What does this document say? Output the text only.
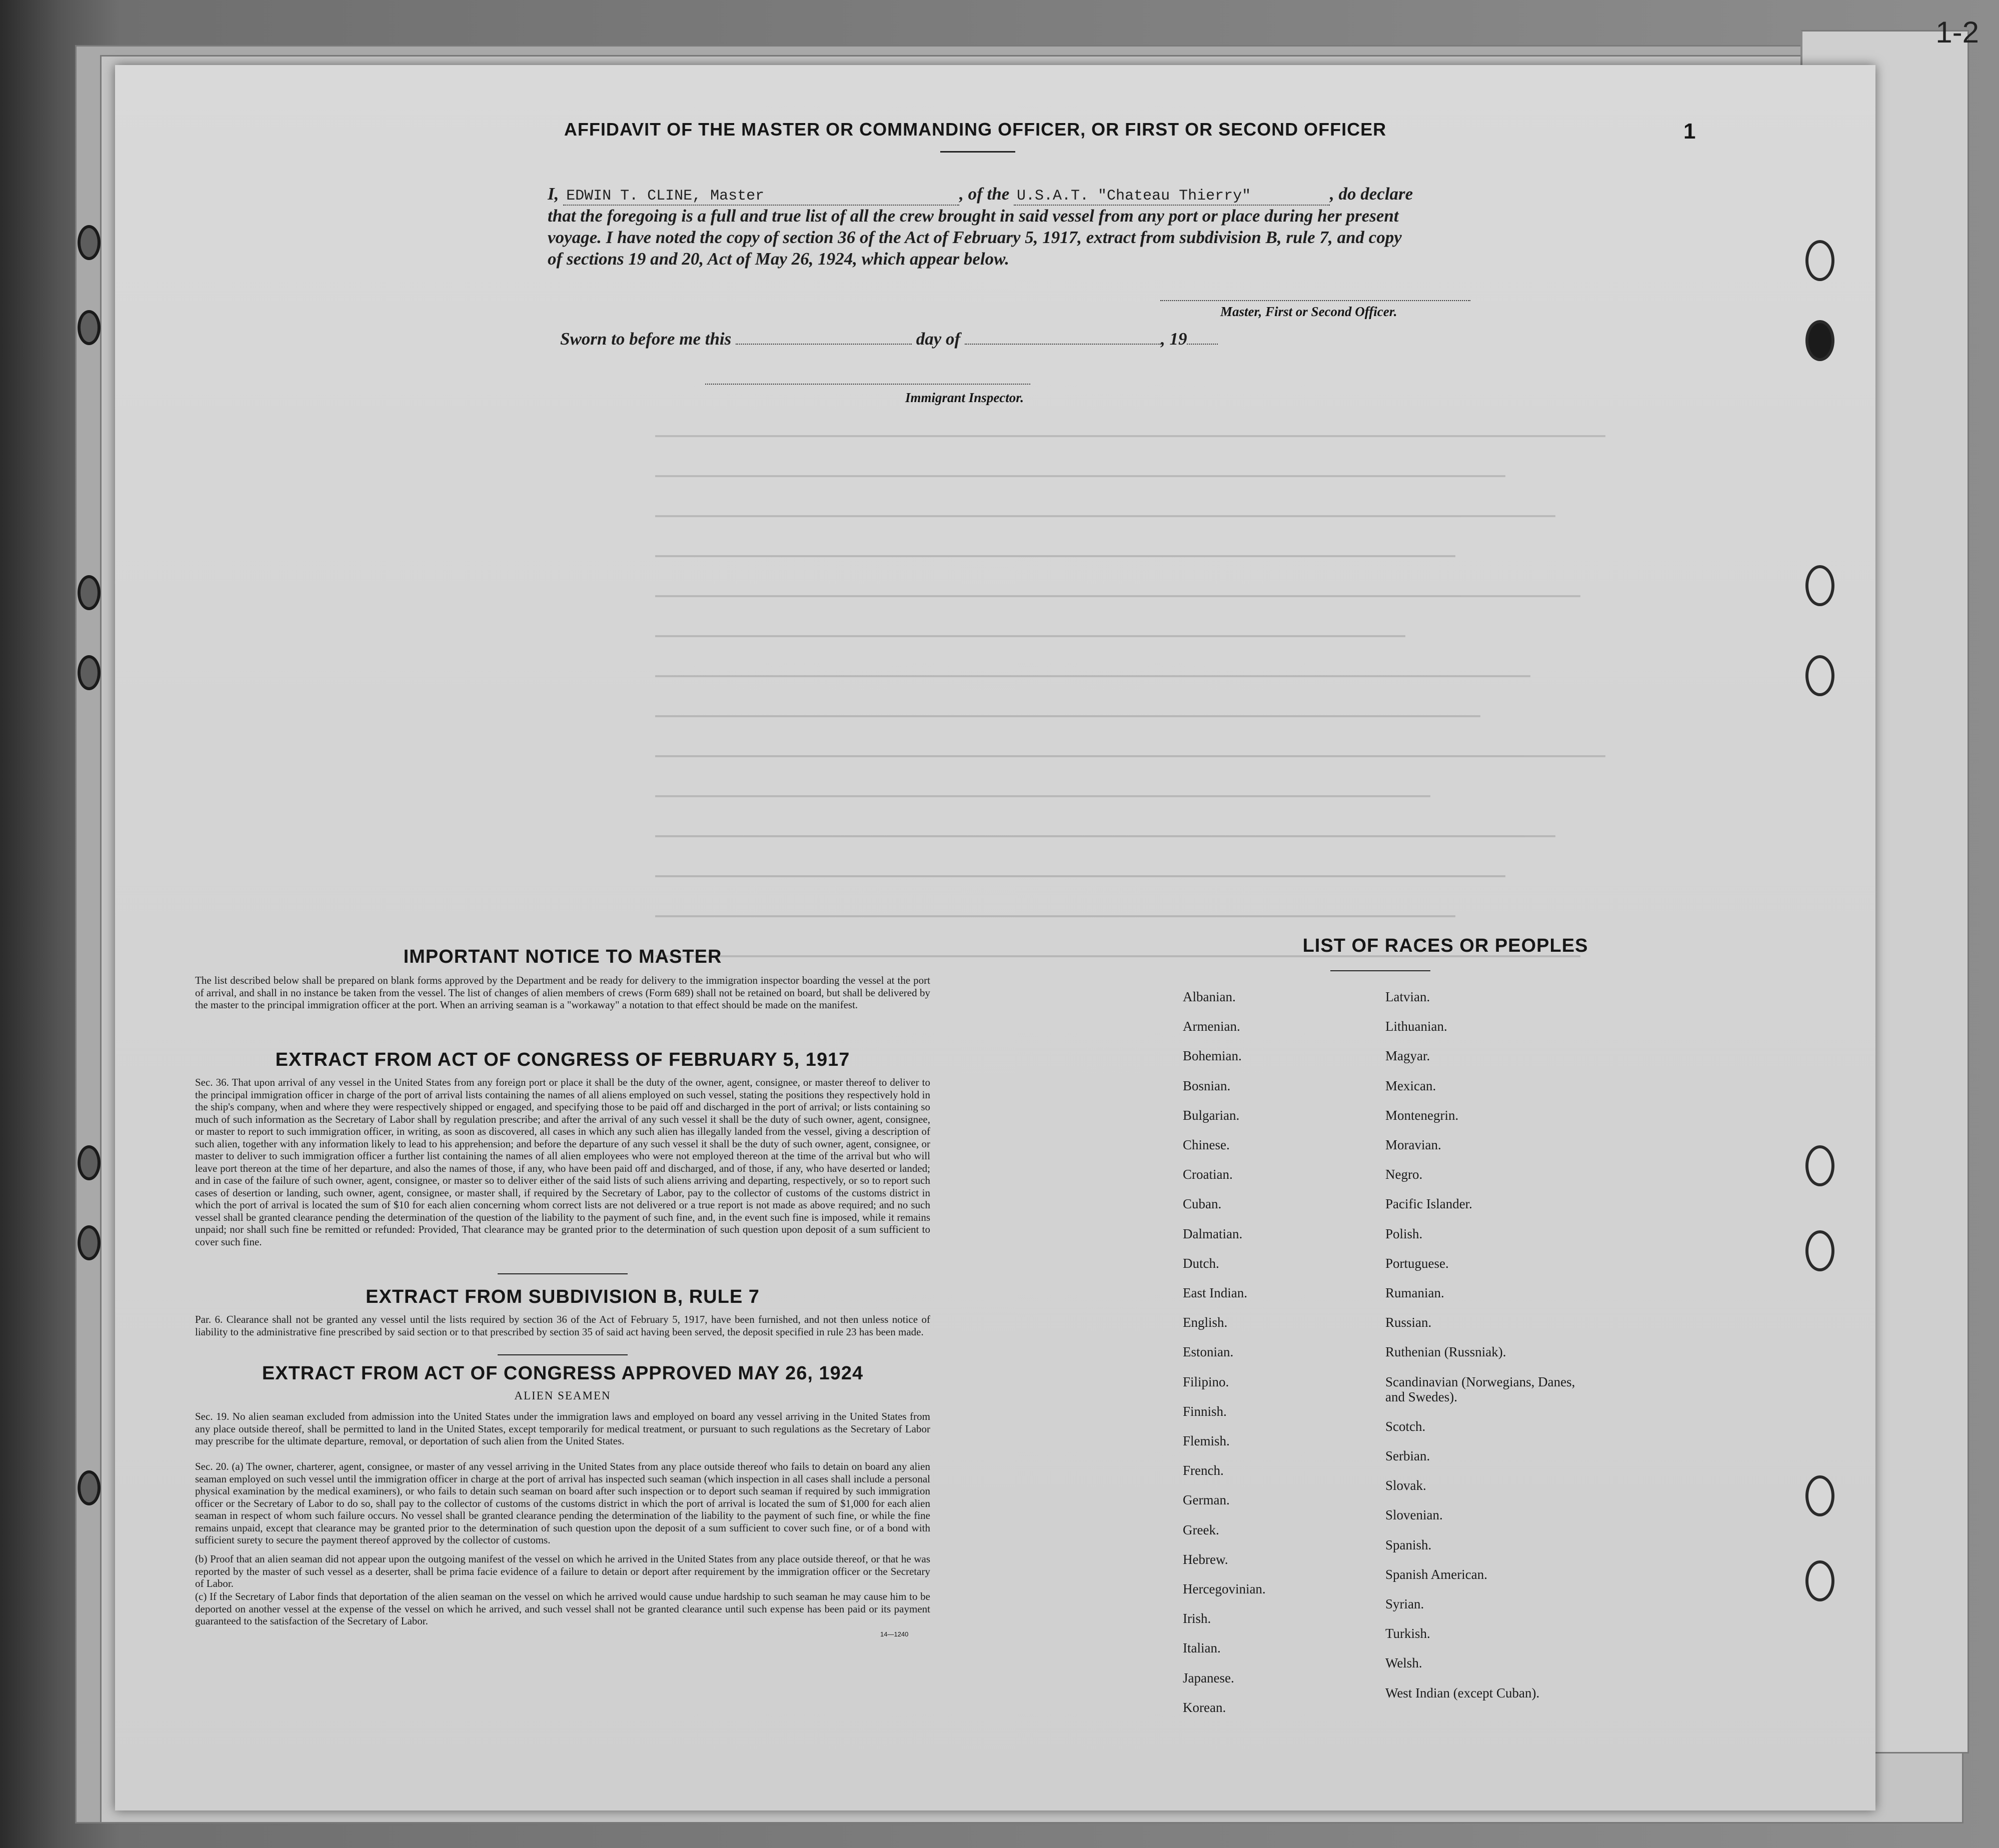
1-2
1
AFFIDAVIT OF THE MASTER OR COMMANDING OFFICER, OR FIRST OR SECOND OFFICER
I, EDWIN T. CLINE, Master	, of the U.S.A.T. "Chateau Thierry"	, do declare
that the foregoing is a full and true list of all the crew brought in said vessel from any port or place during her present
voyage. I have noted the copy of section 36 of the Act of February 5, 1917, extract from subdivision B, rule 7, and copy
of sections 19 and 20, Act of May 26, 1924, which appear below.
Master, First or Second Officer.
Sworn to before me this	day of	, 19
Immigrant Inspector.
IMPORTANT NOTICE TO MASTER
The list described below shall be prepared on blank forms approved by the Department and be ready for delivery to the immigration inspector boarding the vessel at the port of arrival, and shall in no instance be taken from the vessel. The list of changes of alien members of crews (Form 689) shall not be retained on board, but shall be delivered by the master to the principal immigration officer at the port. When an arriving seaman is a "workaway" a notation to that effect should be made on the manifest.
EXTRACT FROM ACT OF CONGRESS OF FEBRUARY 5, 1917
Sec. 36. That upon arrival of any vessel in the United States from any foreign port or place it shall be the duty of the owner, agent, consignee, or master thereof to deliver to the principal immigration officer in charge of the port of arrival lists containing the names of all aliens employed on such vessel, stating the positions they respectively hold in the ship's company, when and where they were respectively shipped or engaged, and specifying those to be paid off and discharged in the port of arrival; or lists containing so much of such information as the Secretary of Labor shall by regulation prescribe; and after the arrival of any such vessel it shall be the duty of such owner, agent, consignee, or master to report to such immigration officer, in writing, as soon as discovered, all cases in which any such alien has illegally landed from the vessel, giving a description of such alien, together with any information likely to lead to his apprehension; and before the departure of any such vessel it shall be the duty of such owner, agent, consignee, or master to deliver to such immigration officer a further list containing the names of all alien employees who were not employed thereon at the time of the arrival but who will leave port thereon at the time of her departure, and also the names of those, if any, who have been paid off and discharged, and of those, if any, who have deserted or landed; and in case of the failure of such owner, agent, consignee, or master so to deliver either of the said lists of such aliens arriving and departing, respectively, or so to report such cases of desertion or landing, such owner, agent, consignee, or master shall, if required by the Secretary of Labor, pay to the collector of customs of the customs district in which the port of arrival is located the sum of $10 for each alien concerning whom correct lists are not delivered or a true report is not made as above required; and no such vessel shall be granted clearance pending the determination of the question of the liability to the payment of such fine, and, in the event such fine is imposed, while it remains unpaid; nor shall such fine be remitted or refunded: Provided, That clearance may be granted prior to the determination of such question upon deposit of a sum sufficient to cover such fine.
EXTRACT FROM SUBDIVISION B, RULE 7
Par. 6. Clearance shall not be granted any vessel until the lists required by section 36 of the Act of February 5, 1917, have been furnished, and not then unless notice of liability to the administrative fine prescribed by said section or to that prescribed by section 35 of said act having been served, the deposit specified in rule 23 has been made.
EXTRACT FROM ACT OF CONGRESS APPROVED MAY 26, 1924
ALIEN SEAMEN
Sec. 19. No alien seaman excluded from admission into the United States under the immigration laws and employed on board any vessel arriving in the United States from any place outside thereof, shall be permitted to land in the United States, except temporarily for medical treatment, or pursuant to such regulations as the Secretary of Labor may prescribe for the ultimate departure, removal, or deportation of such alien from the United States.
Sec. 20. (a) The owner, charterer, agent, consignee, or master of any vessel arriving in the United States from any place outside thereof who fails to detain on board any alien seaman employed on such vessel until the immigration officer in charge at the port of arrival has inspected such seaman (which inspection in all cases shall include a personal physical examination by the medical examiners), or who fails to detain such seaman on board after such inspection or to deport such seaman if required by such immigration officer or the Secretary of Labor to do so, shall pay to the collector of customs of the customs district in which the port of arrival is located the sum of $1,000 for each alien seaman in respect of whom such failure occurs. No vessel shall be granted clearance pending the determination of the liability to the payment of such fine, or while the fine remains unpaid, except that clearance may be granted prior to the determination of such question upon the deposit of a sum sufficient to cover such fine, or of a bond with sufficient surety to secure the payment thereof approved by the collector of customs.
(b) Proof that an alien seaman did not appear upon the outgoing manifest of the vessel on which he arrived in the United States from any place outside thereof, or that he was reported by the master of such vessel as a deserter, shall be prima facie evidence of a failure to detain or deport after requirement by the immigration officer or the Secretary of Labor.
(c) If the Secretary of Labor finds that deportation of the alien seaman on the vessel on which he arrived would cause undue hardship to such seaman he may cause him to be deported on another vessel at the expense of the vessel on which he arrived, and such vessel shall not be granted clearance until such expense has been paid or its payment guaranteed to the satisfaction of the Secretary of Labor.
14—1240
LIST OF RACES OR PEOPLES
Albanian.
Armenian.
Bohemian.
Bosnian.
Bulgarian.
Chinese.
Croatian.
Cuban.
Dalmatian.
Dutch.
East Indian.
English.
Estonian.
Filipino.
Finnish.
Flemish.
French.
German.
Greek.
Hebrew.
Hercegovinian.
Irish.
Italian.
Japanese.
Korean.
Latvian.
Lithuanian.
Magyar.
Mexican.
Montenegrin.
Moravian.
Negro.
Pacific Islander.
Polish.
Portuguese.
Rumanian.
Russian.
Ruthenian (Russniak).
Scandinavian (Norwegians, Danes, and Swedes).
Scotch.
Serbian.
Slovak.
Slovenian.
Spanish.
Spanish American.
Syrian.
Turkish.
Welsh.
West Indian (except Cuban).
